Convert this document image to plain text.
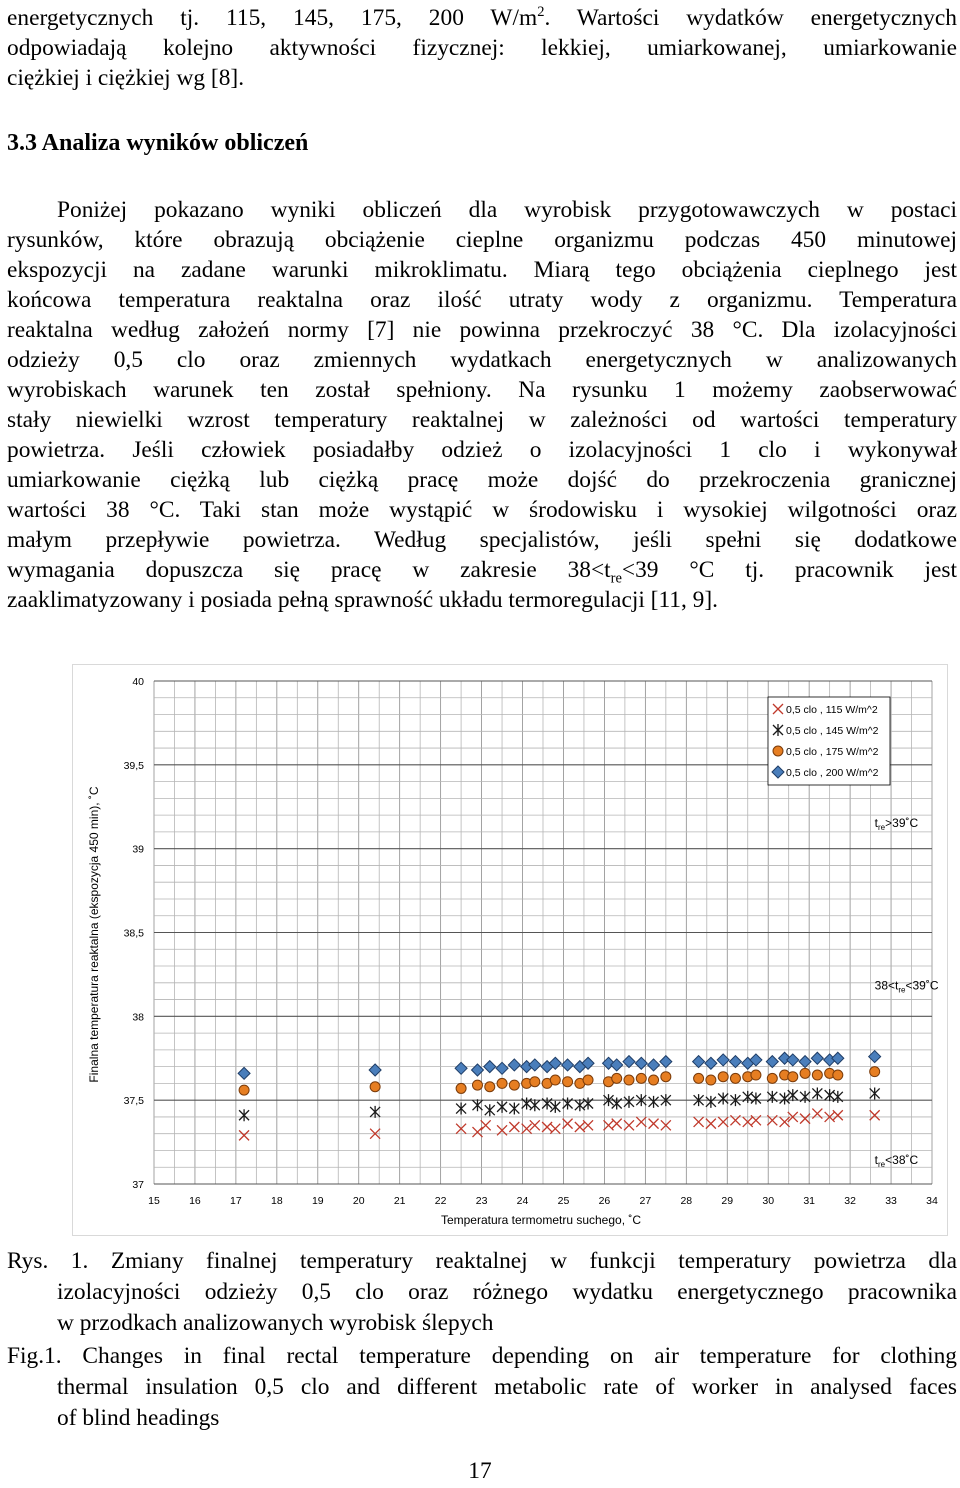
energetycznych tj. 115, 145, 175, 200 $W/m^2$. Wartości wydatków energetycznych
odpowiadają kolejno aktywności fizycznej: lekkiej, umiarkowanej, umiarkowanie
ciężkiej i ciężkiej wg [8].
3.3 Analiza wyników obliczeń
Poniżej pokazano wyniki obliczeń dla wyrobisk przygotowawczych w postaci
rysunków, które obrazują obciążenie cieplne organizmu podczas 450 minutowej
ekspozycji na zadane warunki mikroklimatu. Miarą tego obciążenia cieplnego jest
końcowa temperatura reaktalna oraz ilość utraty wody z organizmu. Temperatura
reaktalna według założeń normy [7] nie powinna przekroczyć 38 °C. Dla izolacyjności
odzieży 0,5 clo oraz zmiennych wydatkach energetycznych w analizowanych
wyrobiskach warunek ten został spełniony. Na rysunku 1 możemy zaobserwować
stały niewielki wzrost temperatury reaktalnej w zależności od wartości temperatury
powietrza. Jeśli człowiek posiadałby odzież o izolacyjności 1 clo i wykonywał
umiarkowanie ciężką lub ciężką pracę może dojść do przekroczenia granicznej
wartości 38 °C. Taki stan może wystąpić w środowisku i wysokiej wilgotności oraz
małym przepływie powietrza. Według specjalistów, jeśli spełni się dodatkowe
wymagania dopuszcza się pracę w zakresie $38<t_{re}<39$ °C tj. pracownik jest
zaaklimatyzowany i posiada pełną sprawność układu termoregulacji [11, 9].
37
37,5
38
38,5
39
39,5
40
15	16	17	18	19	20	21	22	23	24	25	26	27	28	29	30	31	32	33	34
Temperatura termometru suchego, ˚C
Finalna temperatura reaktalna (ekspozycja 450 min), ˚C	$t_{re}>39˚C$
$38<t_{re}<39˚C$
$t_{re}<38˚C$
0,5 clo , 115 W/m^2
0,5 clo , 145 W/m^2
0,5 clo , 175 W/m^2
0,5 clo , 200 W/m^2
Rys. 1. Zmiany finalnej temperatury reaktalnej w funkcji temperatury powietrza dla
izolacyjności odzieży 0,5 clo oraz różnego wydatku energetycznego pracownika
w przodkach analizowanych wyrobisk ślepych
Fig.1. Changes in final rectal temperature depending on air temperature for clothing
thermal insulation 0,5 clo and different metabolic rate of worker in analysed faces
of blind headings
17
